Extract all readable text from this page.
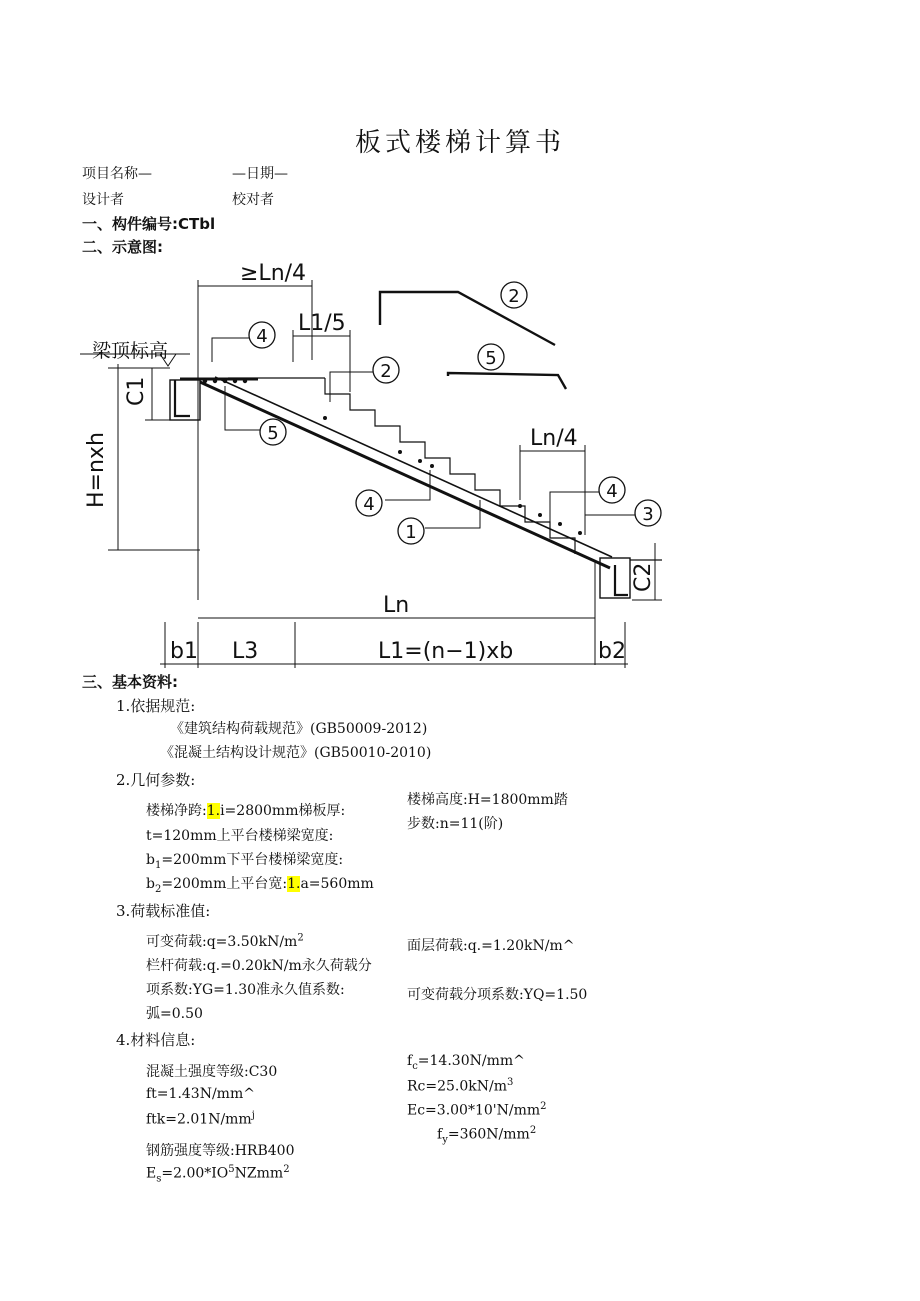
板式楼梯计算书
项目名称—	—日期—
设计者	校对者
一、构件编号:CTbl
二、示意图:
4
2
5
4
1
4
3
2
5
≥Ln/4
L1/5
Ln/4
Ln
b1 L3	L1=(n−1)xb	b2
梁顶标高
C1
H=nxh
C2
三、基本资料:
1.依据规范:
《建筑结构荷载规范》(GB50009-2012)
《混凝土结构设计规范》(GB50010-2010)
2.几何参数:
楼梯净跨:1.i=2800mm梯板厚:
t=120mm上平台楼梯梁宽度:
$b_1=200mm$下平台楼梯梁宽度:
$b_2=200mm$上平台宽:1.a=560mm
楼梯高度:H=1800mm踏
步数:n=11(阶)
3.荷载标准值:
可变荷载$:q=3.50kN∕m^2$
栏杆荷载:q.=0.20kN∕m永久荷载分
项系数:YG=1.30准永久值系数:
弧=0.50
面层荷载:q.=1.20kN∕m^
可变荷载分项系数:YQ=1.50
4.材料信息:
混凝土强度等级:C30
ft=1.43N∕mm^
$ftk=2.01N∕mm^j$
钢筋强度等级:HRB400
$E_s=2.00*IO^5NZmm^2$
$f_c=14.30N∕mm\^{}$
$Rc=25.0kN∕m^3$
$Ec=3.00*10'N∕mm^2$
$f_y=360N∕mm^2$
